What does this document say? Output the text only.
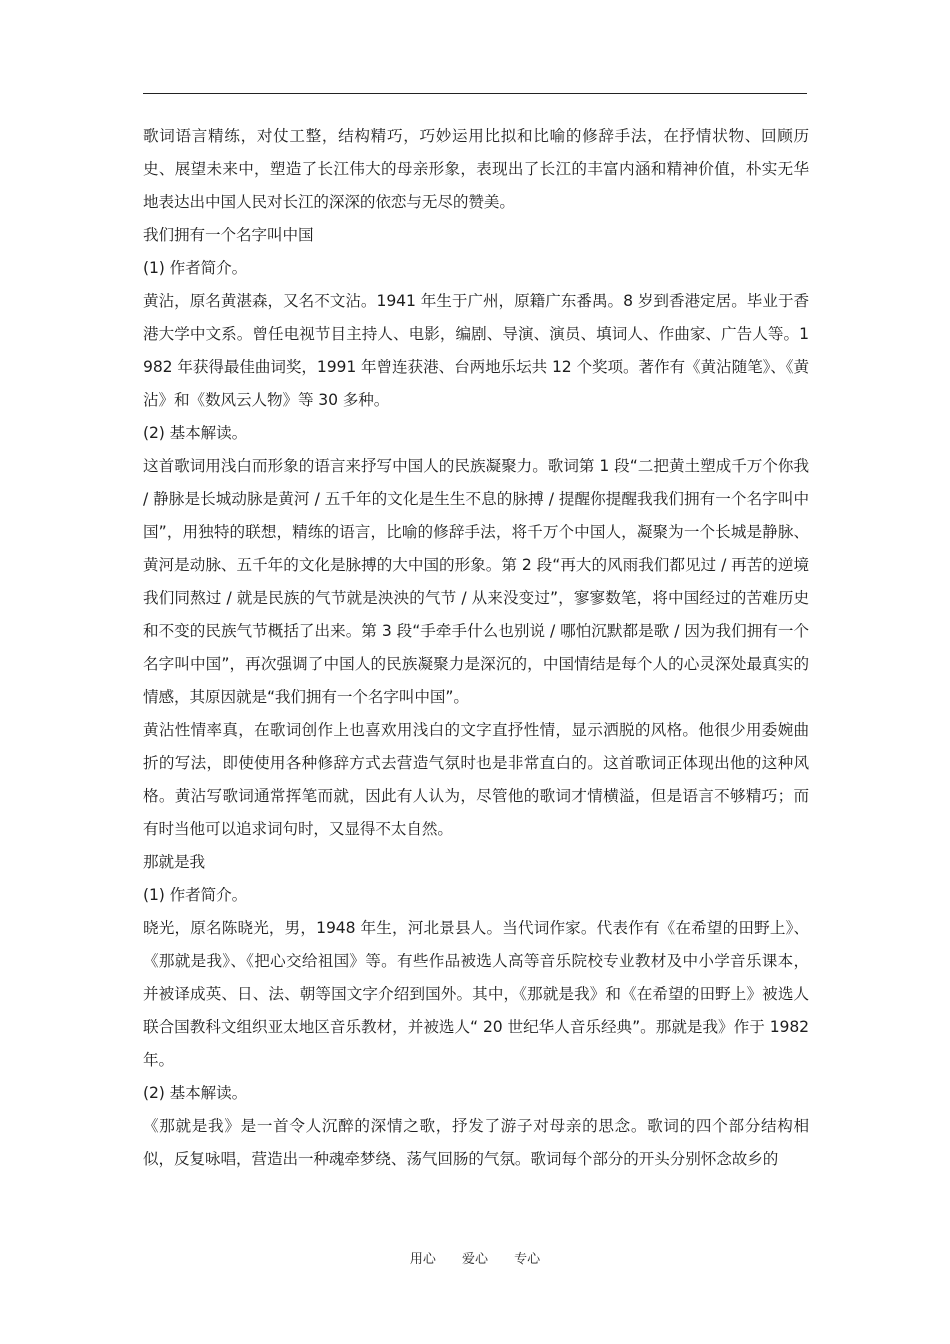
歌词语言精练，对仗工整，结构精巧，巧妙运用比拟和比喻的修辞手法，在抒情状物、回顾历史、展望未来中，塑造了长江伟大的母亲形象，表现出了长江的丰富内涵和精神价值，朴实无华地表达出中国人民对长江的深深的依恋与无尽的赞美。

我们拥有一个名字叫中国

(1) 作者简介。

黄沾，原名黄湛森，又名不文沾。1941 年生于广州，原籍广东番禺。8 岁到香港定居。毕业于香港大学中文系。曾任电视节目主持人、电影，编剧、导演、演员、填词人、作曲家、广告人等。1982 年获得最佳曲词奖，1991 年曾连获港、台两地乐坛共 12 个奖项。著作有《黄沾随笔》、《黄沾》和《数风云人物》等 30 多种。

(2) 基本解读。

这首歌词用浅白而形象的语言来抒写中国人的民族凝聚力。歌词第 1 段“二把黄土塑成千万个你我 / 静脉是长城动脉是黄河 / 五千年的文化是生生不息的脉搏 / 提醒你提醒我我们拥有一个名字叫中国”，用独特的联想，精练的语言，比喻的修辞手法，将千万个中国人，凝聚为一个长城是静脉、黄河是动脉、五千年的文化是脉搏的大中国的形象。第 2 段“再大的风雨我们都见过 / 再苦的逆境我们同熬过 / 就是民族的气节就是泱泱的气节 / 从来没变过”，寥寥数笔，将中国经过的苦难历史和不变的民族气节概括了出来。第 3 段“手牵手什么也别说 / 哪怕沉默都是歌 / 因为我们拥有一个名字叫中国”，再次强调了中国人的民族凝聚力是深沉的，中国情结是每个人的心灵深处最真实的情感，其原因就是“我们拥有一个名字叫中国”。

黄沾性情率真，在歌词创作上也喜欢用浅白的文字直抒性情，显示洒脱的风格。他很少用委婉曲折的写法，即使使用各种修辞方式去营造气氛时也是非常直白的。这首歌词正体现出他的这种风格。黄沾写歌词通常挥笔而就，因此有人认为，尽管他的歌词才情横溢，但是语言不够精巧；而有时当他可以追求词句时，又显得不太自然。

那就是我

(1) 作者简介。

晓光，原名陈晓光，男，1948 年生，河北景县人。当代词作家。代表作有《在希望的田野上》、《那就是我》、《把心交给祖国》等。有些作品被选人高等音乐院校专业教材及中小学音乐课本，并被译成英、日、法、朝等国文字介绍到国外。其中，《那就是我》和《在希望的田野上》被选人联合国教科文组织亚太地区音乐教材，并被选人“ 20 世纪华人音乐经典”。那就是我》作于 1982 年。

(2) 基本解读。

《那就是我》是一首令人沉醉的深情之歌，抒发了游子对母亲的思念。歌词的四个部分结构相似，反复咏唱，营造出一种魂牵梦绕、荡气回肠的气氛。歌词每个部分的开头分别怀念故乡的

用心 爱心 专心
